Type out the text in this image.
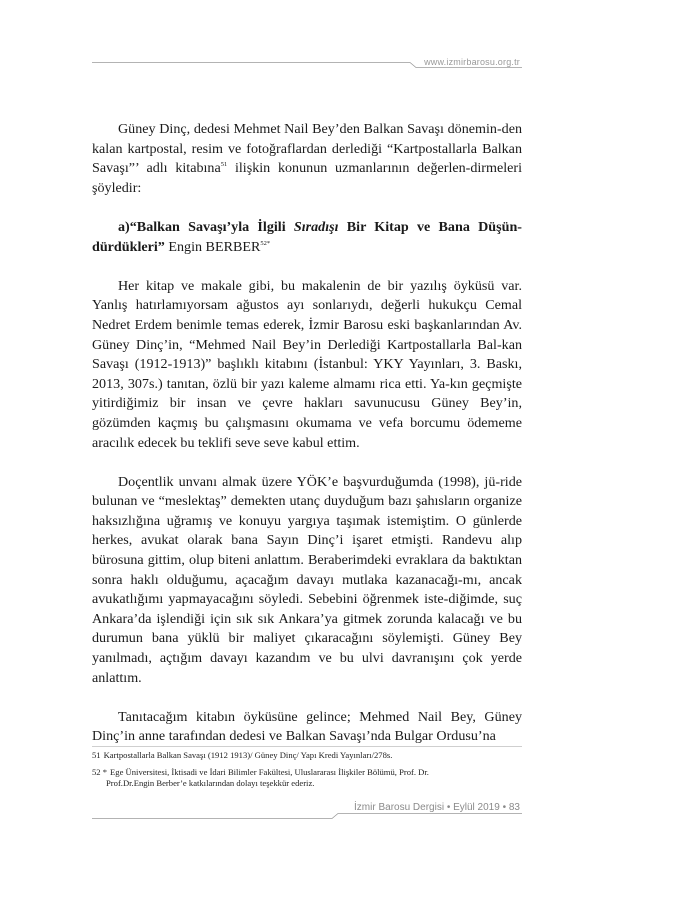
www.izmirbarosu.org.tr

Güney Dinç, dedesi Mehmet Nail Bey’den Balkan Savaşı dönemin-den kalan kartpostal, resim ve fotoğraflardan derlediği “Kartpostallarla Balkan Savaşı”’ adlı kitabına$^{51}$ ilişkin konunun uzmanlarının değerlen-dirmeleri şöyledir:

a)“Balkan Savaşı’yla İlgili Sıradışı Bir Kitap ve Bana Düşün-dürdükleri” Engin $BERBER^{52*}$

Her kitap ve makale gibi, bu makalenin de bir yazılış öyküsü var. Yanlış hatırlamıyorsam ağustos ayı sonlarıydı, değerli hukukçu Cemal Nedret Erdem benimle temas ederek, İzmir Barosu eski başkanlarından Av. Güney Dinç’in, “Mehmed Nail Bey’in Derlediği Kartpostallarla Bal-kan Savaşı (1912-1913)” başlıklı kitabını (İstanbul: YKY Yayınları, 3. Baskı, 2013, 307s.) tanıtan, özlü bir yazı kaleme almamı rica etti. Ya-kın geçmişte yitirdiğimiz bir insan ve çevre hakları savunucusu Güney Bey’in, gözümden kaçmış bu çalışmasını okumama ve vefa borcumu ödememe aracılık edecek bu teklifi seve seve kabul ettim.

Doçentlik unvanı almak üzere YÖK’e başvurduğumda (1998), jü-ride bulunan ve “meslektaş” demekten utanç duyduğum bazı şahısların organize haksızlığına uğramış ve konuyu yargıya taşımak istemiştim. O günlerde herkes, avukat olarak bana Sayın Dinç’i işaret etmişti. Randevu alıp bürosuna gittim, olup biteni anlattım. Beraberimdeki evraklara da baktıktan sonra haklı olduğumu, açacağım davayı mutlaka kazanacağı-mı, ancak avukatlığımı yapmayacağını söyledi. Sebebini öğrenmek iste-diğimde, suç Ankara’da işlendiği için sık sık Ankara’ya gitmek zorunda kalacağı ve bu durumun bana yüklü bir maliyet çıkaracağını söylemişti. Güney Bey yanılmadı, açtığım davayı kazandım ve bu ulvi davranışını çok yerde anlattım.

Tanıtacağım kitabın öyküsüne gelince; Mehmed Nail Bey, Güney Dinç’in anne tarafından dedesi ve Balkan Savaşı’nda Bulgar Ordusu’na

51 Kartpostallarla Balkan Savaşı (1912 1913)/ Güney Dinç/ Yapı Kredi Yayınları/278s.

52 * Ege Üniversitesi, İktisadi ve İdari Bilimler Fakültesi, Uluslararası İlişkiler Bölümü, Prof. Dr.
Prof.Dr.Engin Berber’e katkılarından dolayı teşekkür ederiz.

İzmir Barosu Dergisi • Eylül 2019 • 83
